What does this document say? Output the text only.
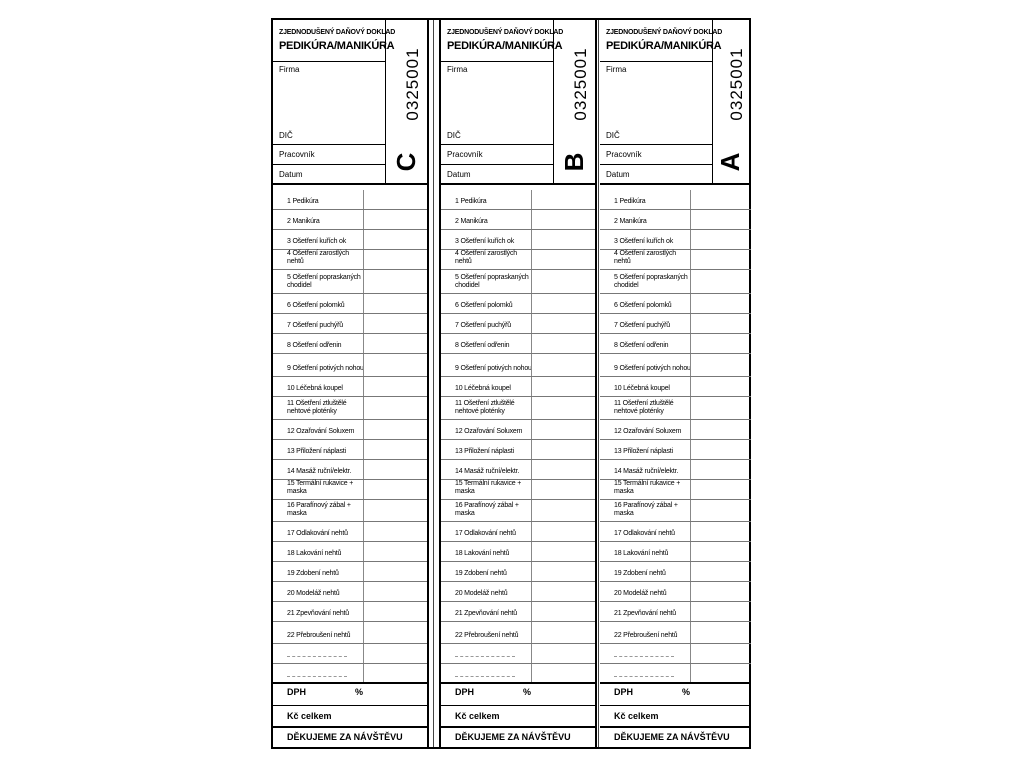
ZJEDNODUŠENÝ DAŇOVÝ DOKLAD
PEDIKÚRA/MANIKÚRA
Firma
DIČ
Pracovník
Datum
0325001
C
1 Pedikúra
2 Manikúra
3 Ošetření kuřích ok
4 Ošetření zarostlých nehtů
5 Ošetření popraskaných chodidel
6 Ošetření polomků
7 Ošetření puchýřů
8 Ošetření odřenin
9 Ošetření potivých nohou
10 Léčebná koupel
11 Ošetření ztluštělé nehtové ploténky
12 Ozařování Soluxem
13 Přiložení náplasti
14 Masáž ruční/elektr.
15 Termální rukavice + maska
16 Parafínový zábal + maska
17 Odlakování nehtů
18 Lakování nehtů
19 Zdobení nehtů
20 Modeláž nehtů
21 Zpevňování nehtů
22 Přebroušení nehtů
DPH	%
Kč celkem
DĚKUJEME ZA NÁVŠTĚVU
ZJEDNODUŠENÝ DAŇOVÝ DOKLAD
PEDIKÚRA/MANIKÚRA
Firma
DIČ
Pracovník
Datum
0325001
B
1 Pedikúra
2 Manikúra
3 Ošetření kuřích ok
4 Ošetření zarostlých nehtů
5 Ošetření popraskaných chodidel
6 Ošetření polomků
7 Ošetření puchýřů
8 Ošetření odřenin
9 Ošetření potivých nohou
10 Léčebná koupel
11 Ošetření ztluštělé nehtové ploténky
12 Ozařování Soluxem
13 Přiložení náplasti
14 Masáž ruční/elektr.
15 Termální rukavice + maska
16 Parafínový zábal + maska
17 Odlakování nehtů
18 Lakování nehtů
19 Zdobení nehtů
20 Modeláž nehtů
21 Zpevňování nehtů
22 Přebroušení nehtů
DPH	%
Kč celkem
DĚKUJEME ZA NÁVŠTĚVU
ZJEDNODUŠENÝ DAŇOVÝ DOKLAD
PEDIKÚRA/MANIKÚRA
Firma
DIČ
Pracovník
Datum
0325001
A
1 Pedikúra
2 Manikúra
3 Ošetření kuřích ok
4 Ošetření zarostlých nehtů
5 Ošetření popraskaných chodidel
6 Ošetření polomků
7 Ošetření puchýřů
8 Ošetření odřenin
9 Ošetření potivých nohou
10 Léčebná koupel
11 Ošetření ztluštělé nehtové ploténky
12 Ozařování Soluxem
13 Přiložení náplasti
14 Masáž ruční/elektr.
15 Termální rukavice + maska
16 Parafínový zábal + maska
17 Odlakování nehtů
18 Lakování nehtů
19 Zdobení nehtů
20 Modeláž nehtů
21 Zpevňování nehtů
22 Přebroušení nehtů
DPH	%
Kč celkem
DĚKUJEME ZA NÁVŠTĚVU
